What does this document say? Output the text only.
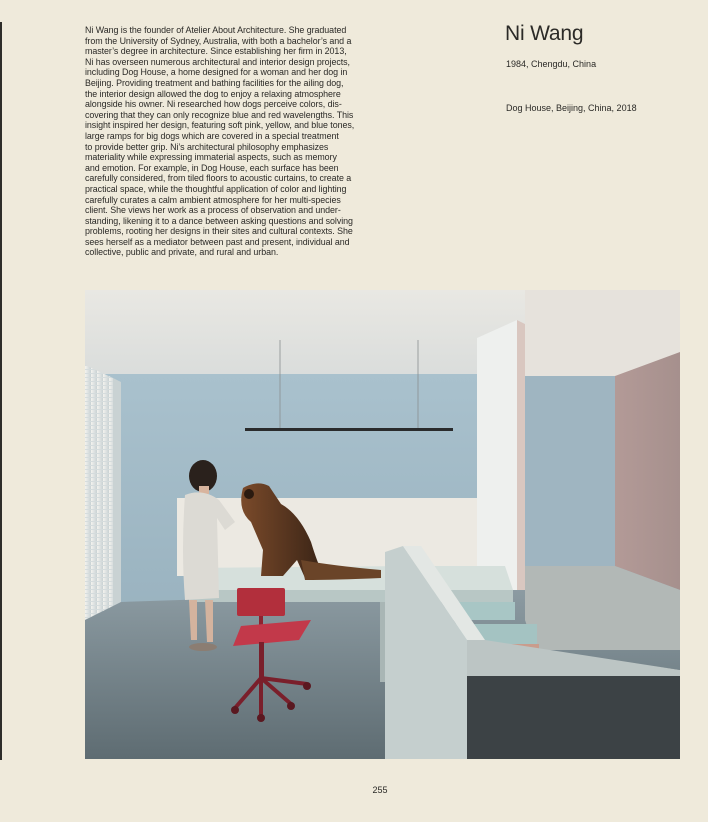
Ni Wang is the founder of Atelier About Architecture. She graduated
from the University of Sydney, Australia, with both a bachelor’s and a
master’s degree in architecture. Since establishing her firm in 2013,
Ni has overseen numerous architectural and interior design projects,
including Dog House, a home designed for a woman and her dog in
Beijing. Providing treatment and bathing facilities for the ailing dog,
the interior design allowed the dog to enjoy a relaxing atmosphere
alongside his owner. Ni researched how dogs perceive colors, dis-
covering that they can only recognize blue and red wavelengths. This
insight inspired her design, featuring soft pink, yellow, and blue tones,
large ramps for big dogs which are covered in a special treatment
to provide better grip. Ni’s architectural philosophy emphasizes
materiality while expressing immaterial aspects, such as memory
and emotion. For example, in Dog House, each surface has been
carefully considered, from tiled floors to acoustic curtains, to create a
practical space, while the thoughtful application of color and lighting
carefully curates a calm ambient atmosphere for her multi-species
client. She views her work as a process of observation and under-
standing, likening it to a dance between asking questions and solving
problems, rooting her designs in their sites and cultural contexts. She
sees herself as a mediator between past and present, individual and
collective, public and private, and rural and urban.

Ni Wang

1984, Chengdu, China

Dog House, Beijing, China, 2018

255
